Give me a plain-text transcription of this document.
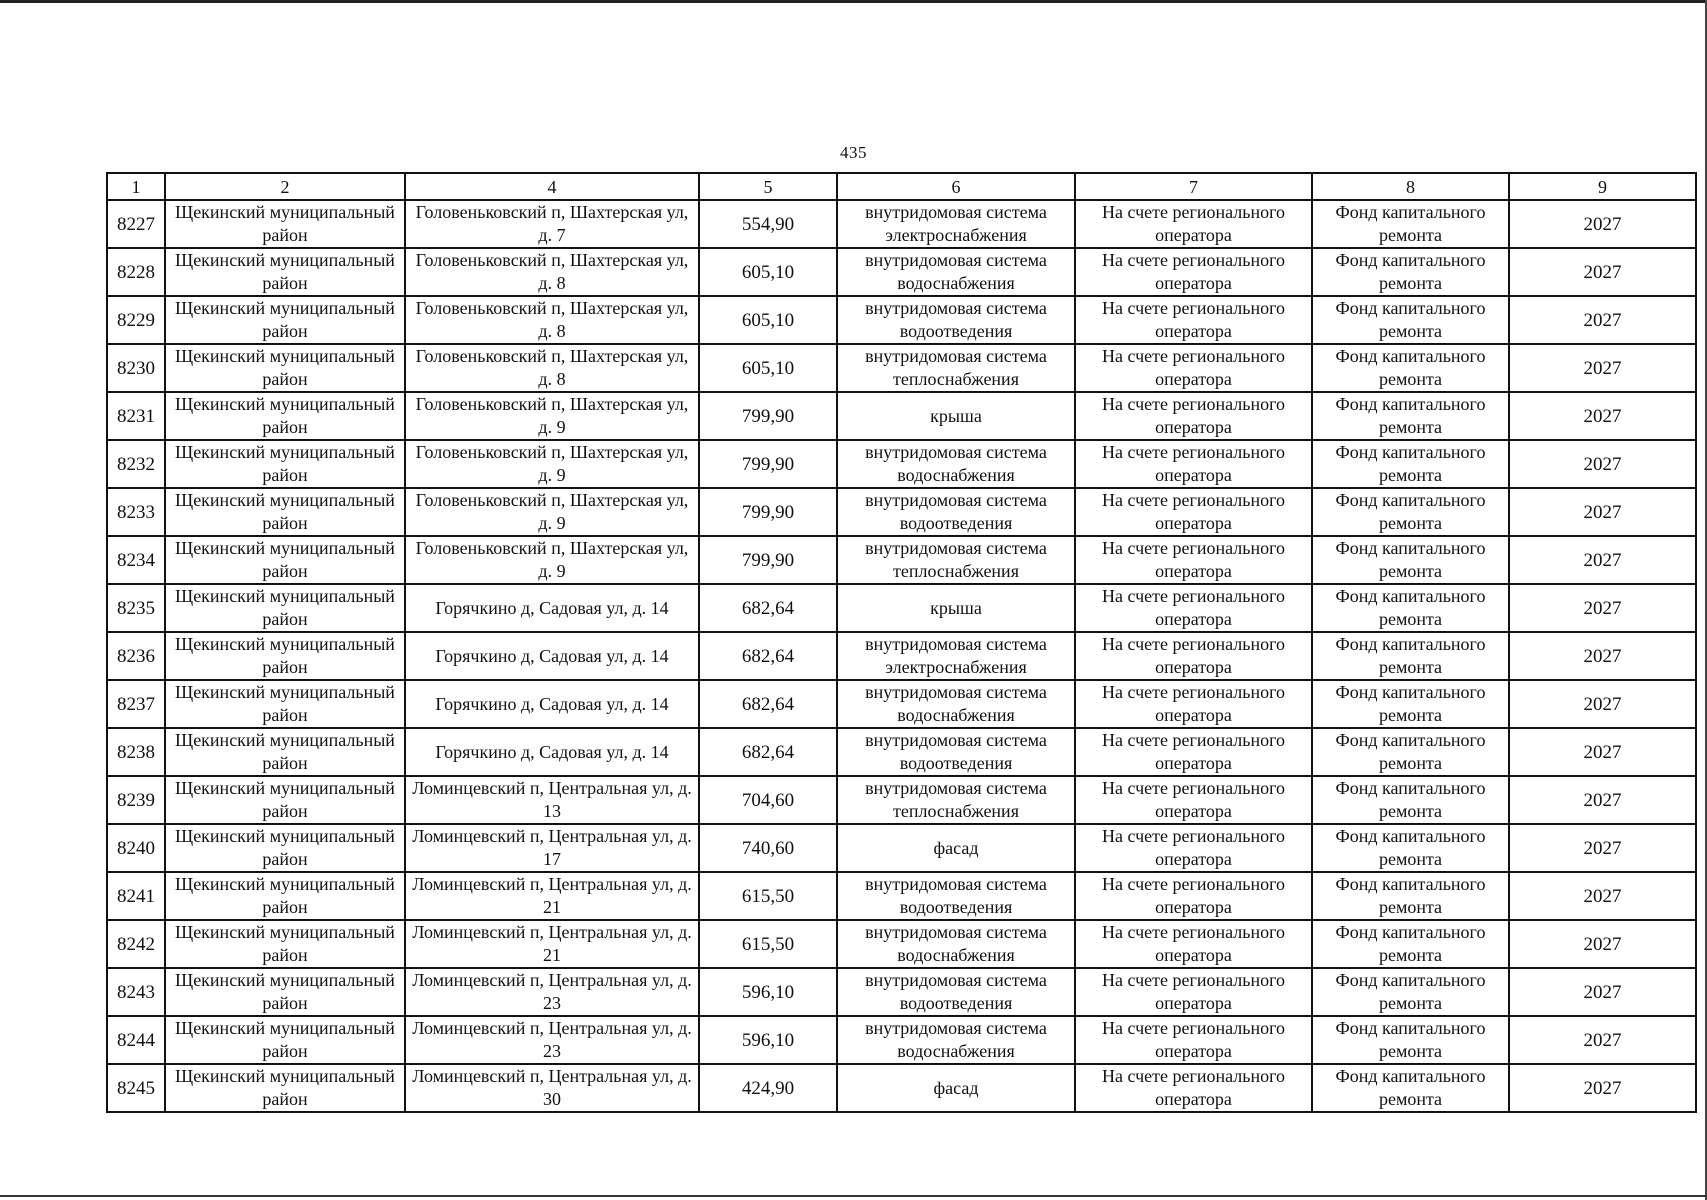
435
1	2	4	5	6	7	8	9
8227	Щекинский муниципальный район	Головеньковский п, Шахтерская ул, д. 7	554,90	внутридомовая система электроснабжения	На счете регионального оператора	Фонд капитального ремонта	2027
8228	Щекинский муниципальный район	Головеньковский п, Шахтерская ул, д. 8	605,10	внутридомовая система водоснабжения	На счете регионального оператора	Фонд капитального ремонта	2027
8229	Щекинский муниципальный район	Головеньковский п, Шахтерская ул, д. 8	605,10	внутридомовая система водоотведения	На счете регионального оператора	Фонд капитального ремонта	2027
8230	Щекинский муниципальный район	Головеньковский п, Шахтерская ул, д. 8	605,10	внутридомовая система теплоснабжения	На счете регионального оператора	Фонд капитального ремонта	2027
8231	Щекинский муниципальный район	Головеньковский п, Шахтерская ул, д. 9	799,90	крыша	На счете регионального оператора	Фонд капитального ремонта	2027
8232	Щекинский муниципальный район	Головеньковский п, Шахтерская ул, д. 9	799,90	внутридомовая система водоснабжения	На счете регионального оператора	Фонд капитального ремонта	2027
8233	Щекинский муниципальный район	Головеньковский п, Шахтерская ул, д. 9	799,90	внутридомовая система водоотведения	На счете регионального оператора	Фонд капитального ремонта	2027
8234	Щекинский муниципальный район	Головеньковский п, Шахтерская ул, д. 9	799,90	внутридомовая система теплоснабжения	На счете регионального оператора	Фонд капитального ремонта	2027
8235	Щекинский муниципальный район	Горячкино д, Садовая ул, д. 14	682,64	крыша	На счете регионального оператора	Фонд капитального ремонта	2027
8236	Щекинский муниципальный район	Горячкино д, Садовая ул, д. 14	682,64	внутридомовая система электроснабжения	На счете регионального оператора	Фонд капитального ремонта	2027
8237	Щекинский муниципальный район	Горячкино д, Садовая ул, д. 14	682,64	внутридомовая система водоснабжения	На счете регионального оператора	Фонд капитального ремонта	2027
8238	Щекинский муниципальный район	Горячкино д, Садовая ул, д. 14	682,64	внутридомовая система водоотведения	На счете регионального оператора	Фонд капитального ремонта	2027
8239	Щекинский муниципальный район	Ломинцевский п, Центральная ул, д. 13	704,60	внутридомовая система теплоснабжения	На счете регионального оператора	Фонд капитального ремонта	2027
8240	Щекинский муниципальный район	Ломинцевский п, Центральная ул, д. 17	740,60	фасад	На счете регионального оператора	Фонд капитального ремонта	2027
8241	Щекинский муниципальный район	Ломинцевский п, Центральная ул, д. 21	615,50	внутридомовая система водоотведения	На счете регионального оператора	Фонд капитального ремонта	2027
8242	Щекинский муниципальный район	Ломинцевский п, Центральная ул, д. 21	615,50	внутридомовая система водоснабжения	На счете регионального оператора	Фонд капитального ремонта	2027
8243	Щекинский муниципальный район	Ломинцевский п, Центральная ул, д. 23	596,10	внутридомовая система водоотведения	На счете регионального оператора	Фонд капитального ремонта	2027
8244	Щекинский муниципальный район	Ломинцевский п, Центральная ул, д. 23	596,10	внутридомовая система водоснабжения	На счете регионального оператора	Фонд капитального ремонта	2027
8245	Щекинский муниципальный район	Ломинцевский п, Центральная ул, д. 30	424,90	фасад	На счете регионального оператора	Фонд капитального ремонта	2027
